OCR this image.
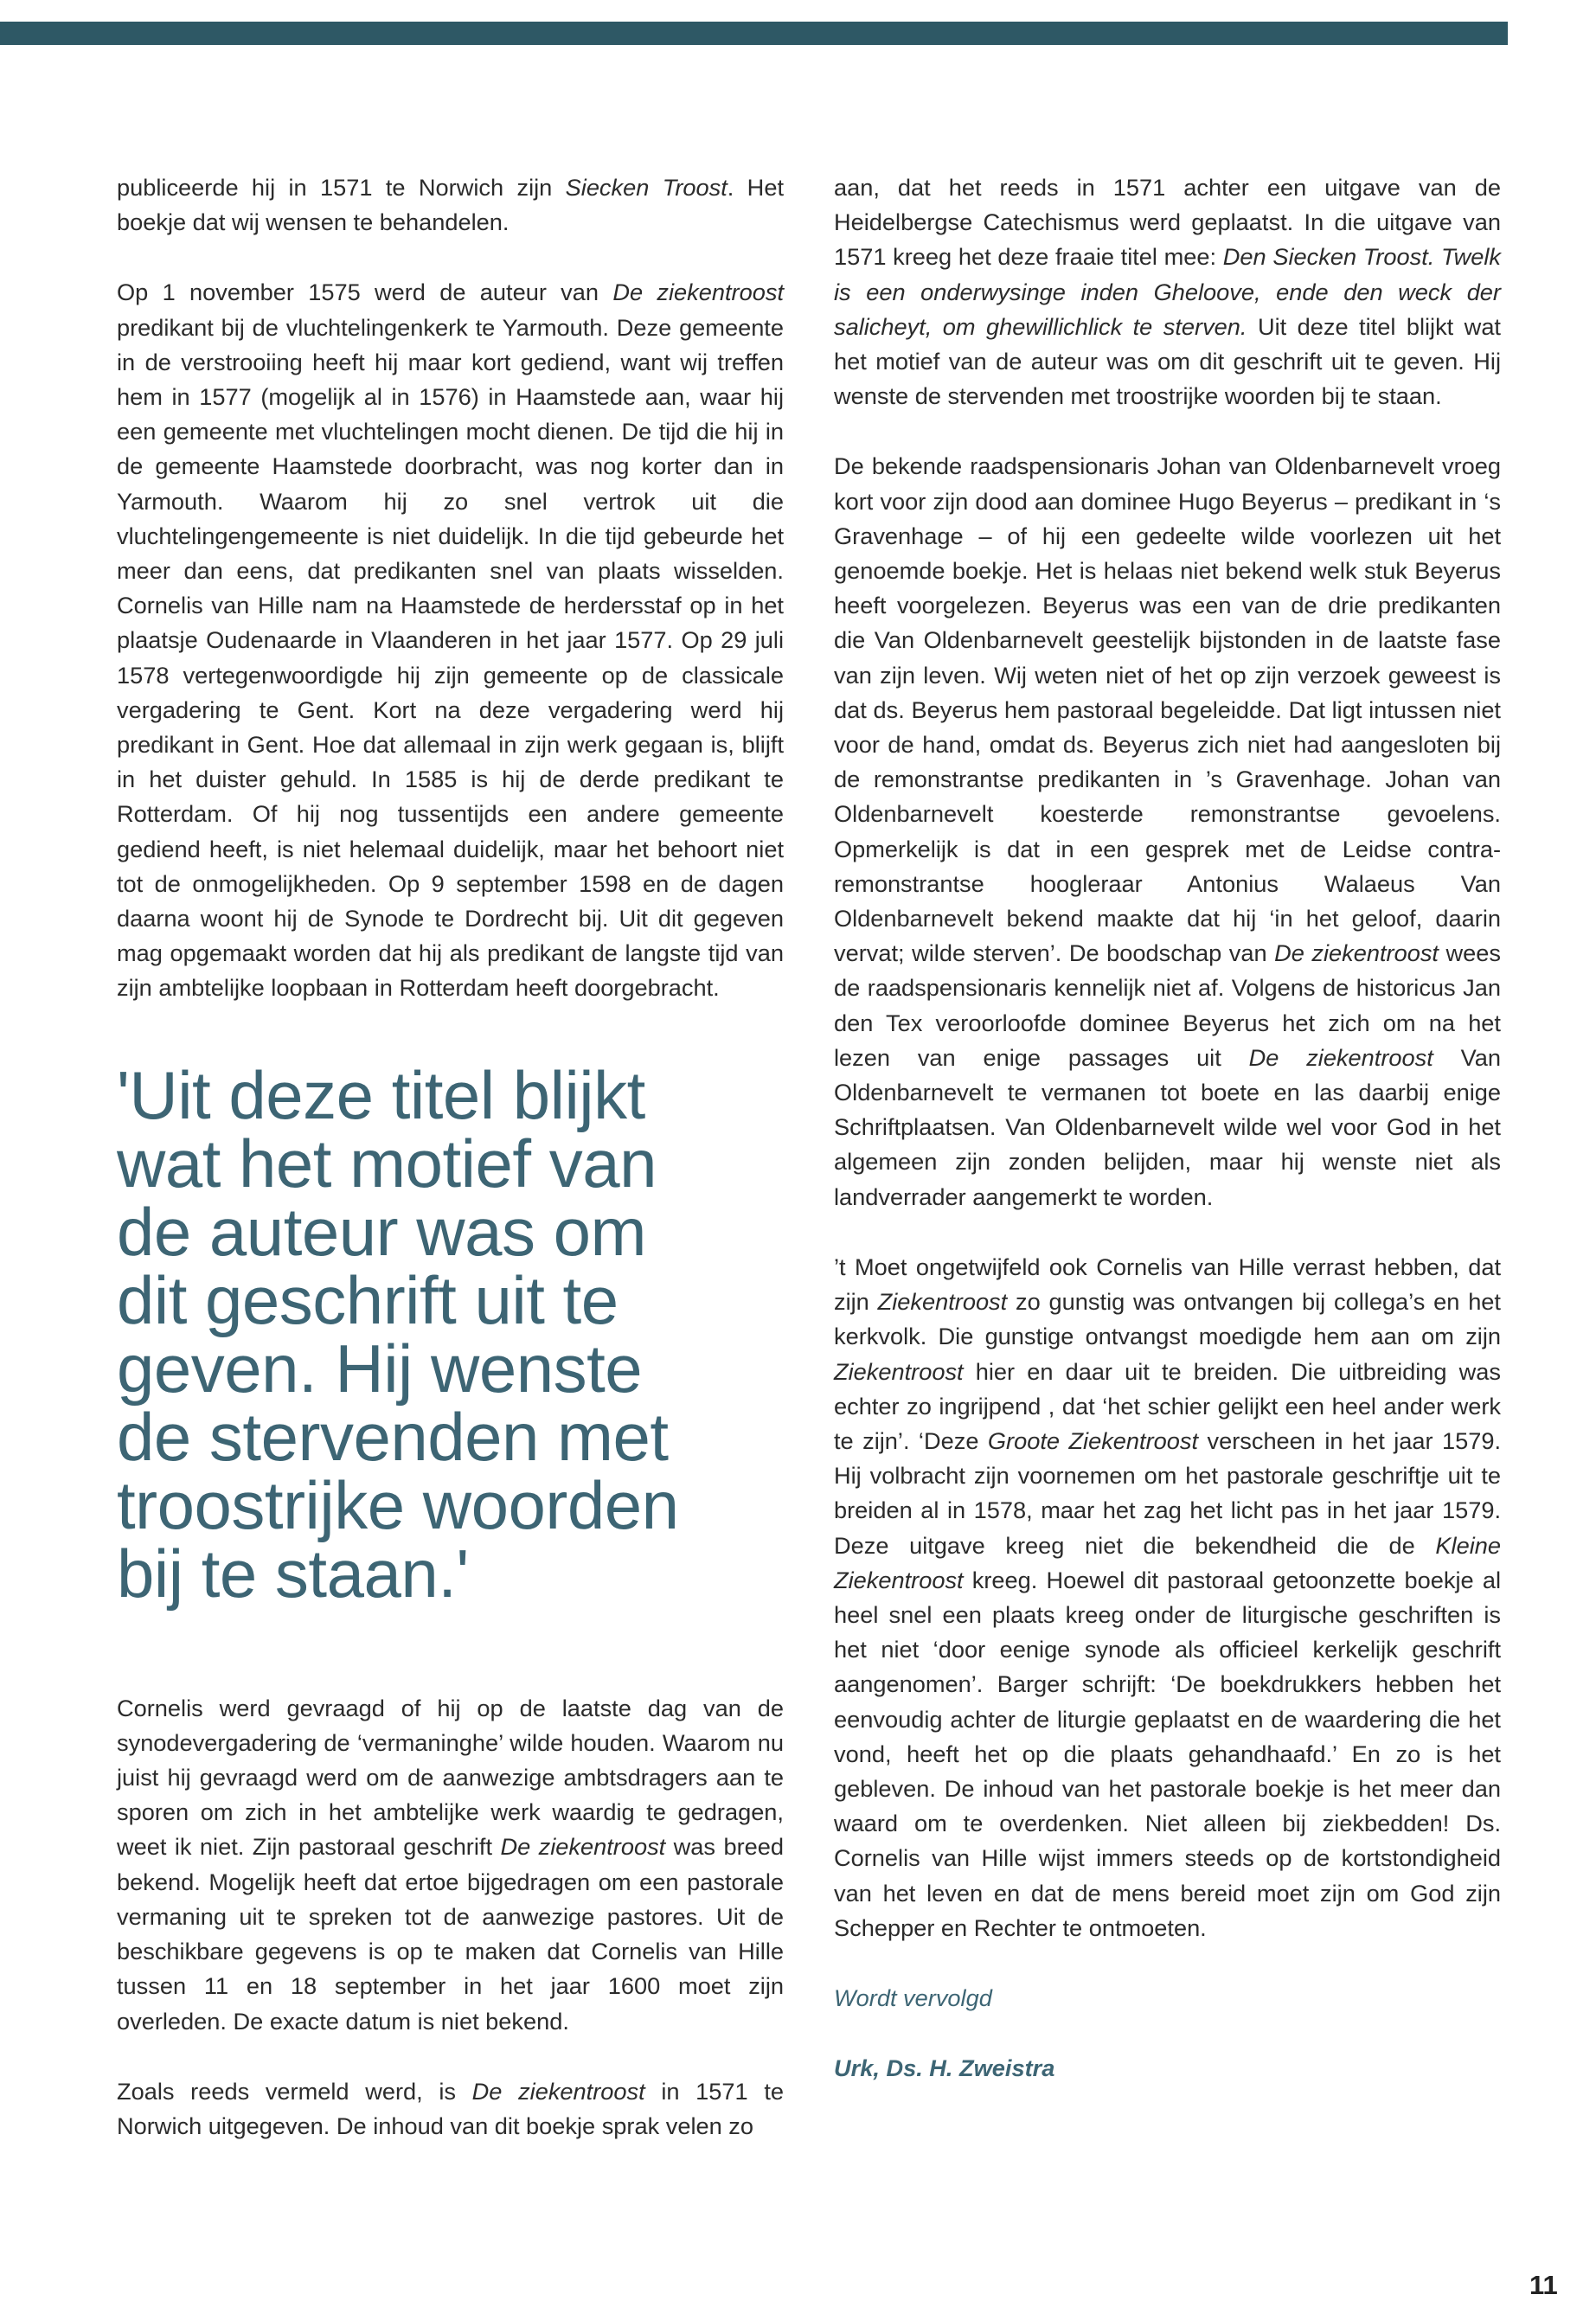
publiceerde hij in 1571 te Norwich zijn Siecken Troost. Het boekje dat wij wensen te behandelen.

Op 1 november 1575 werd de auteur van De ziekentroost predikant bij de vluchtelingenkerk te Yarmouth. Deze gemeente in de verstrooiing heeft hij maar kort gediend, want wij treffen hem in 1577 (mogelijk al in 1576) in Haamstede aan, waar hij een gemeente met vluchtelingen mocht dienen. De tijd die hij in de gemeente Haamstede doorbracht, was nog korter dan in Yarmouth. Waarom hij zo snel vertrok uit die vluchtelingengemeente is niet duidelijk. In die tijd gebeurde het meer dan eens, dat predikanten snel van plaats wisselden. Cornelis van Hille nam na Haamstede de herdersstaf op in het plaatsje Oudenaarde in Vlaanderen in het jaar 1577. Op 29 juli 1578 vertegenwoordigde hij zijn gemeente op de classicale vergadering te Gent. Kort na deze vergadering werd hij predikant in Gent. Hoe dat allemaal in zijn werk gegaan is, blijft in het duister gehuld. In 1585 is hij de derde predikant te Rotterdam. Of hij nog tussentijds een andere gemeente gediend heeft, is niet helemaal duidelijk, maar het behoort niet tot de onmogelijkheden. Op 9 september 1598 en de dagen daarna woont hij de Synode te Dordrecht bij. Uit dit gegeven mag opgemaakt worden dat hij als predikant de langste tijd van zijn ambtelijke loopbaan in Rotterdam heeft doorgebracht.

'Uit deze titel blijkt
wat het motief van
de auteur was om
dit geschrift uit te
geven. Hij wenste
de stervenden met
troostrijke woorden
bij te staan.'

Cornelis werd gevraagd of hij op de laatste dag van de synodevergadering de ‘vermaninghe’ wilde houden. Waarom nu juist hij gevraagd werd om de aanwezige ambtsdragers aan te sporen om zich in het ambtelijke werk waardig te gedragen, weet ik niet. Zijn pastoraal geschrift De ziekentroost was breed bekend. Mogelijk heeft dat ertoe bijgedragen om een pastorale vermaning uit te spreken tot de aanwezige pastores. Uit de beschikbare gegevens is op te maken dat Cornelis van Hille tussen 11 en 18 september in het jaar 1600 moet zijn overleden. De exacte datum is niet bekend.

Zoals reeds vermeld werd, is De ziekentroost in 1571 te Norwich uitgegeven. De inhoud van dit boekje sprak velen zo

aan, dat het reeds in 1571 achter een uitgave van de Heidelbergse Catechismus werd geplaatst. In die uitgave van 1571 kreeg het deze fraaie titel mee: Den Siecken Troost. Twelk is een onderwysinge inden Gheloove, ende den weck der salicheyt, om ghewillichlick te sterven. Uit deze titel blijkt wat het motief van de auteur was om dit geschrift uit te geven. Hij wenste de stervenden met troostrijke woorden bij te staan.

De bekende raadspensionaris Johan van Oldenbarnevelt vroeg kort voor zijn dood aan dominee Hugo Beyerus – predikant in ‘s Gravenhage – of hij een gedeelte wilde voorlezen uit het genoemde boekje. Het is helaas niet bekend welk stuk Beyerus heeft voorgelezen. Beyerus was een van de drie predikanten die Van Oldenbarnevelt geestelijk bijstonden in de laatste fase van zijn leven. Wij weten niet of het op zijn verzoek geweest is dat ds. Beyerus hem pastoraal begeleidde. Dat ligt intussen niet voor de hand, omdat ds. Beyerus zich niet had aangesloten bij de remonstrantse predikanten in ’s Gravenhage. Johan van Oldenbarnevelt koesterde remonstrantse gevoelens. Opmerkelijk is dat in een gesprek met de Leidse contra-remonstrantse hoogleraar Antonius Walaeus Van Oldenbarnevelt bekend maakte dat hij ‘in het geloof, daarin vervat; wilde sterven’. De boodschap van De ziekentroost wees de raadspensionaris kennelijk niet af. Volgens de historicus Jan den Tex veroorloofde dominee Beyerus het zich om na het lezen van enige passages uit De ziekentroost Van Oldenbarnevelt te vermanen tot boete en las daarbij enige Schriftplaatsen. Van Oldenbarnevelt wilde wel voor God in het algemeen zijn zonden belijden, maar hij wenste niet als landverrader aangemerkt te worden.

’t Moet ongetwijfeld ook Cornelis van Hille verrast hebben, dat zijn Ziekentroost zo gunstig was ontvangen bij collega’s en het kerkvolk. Die gunstige ontvangst moedigde hem aan om zijn Ziekentroost hier en daar uit te breiden. Die uitbreiding was echter zo ingrijpend , dat ‘het schier gelijkt een heel ander werk te zijn’. ‘Deze Groote Ziekentroost verscheen in het jaar 1579. Hij volbracht zijn voornemen om het pastorale geschriftje uit te breiden al in 1578, maar het zag het licht pas in het jaar 1579. Deze uitgave kreeg niet die bekendheid die de Kleine Ziekentroost kreeg. Hoewel dit pastoraal getoonzette boekje al heel snel een plaats kreeg onder de liturgische geschriften is het niet ‘door eenige synode als officieel kerkelijk geschrift aangenomen’. Barger schrijft: ‘De boekdrukkers hebben het eenvoudig achter de liturgie geplaatst en de waardering die het vond, heeft het op die plaats gehandhaafd.’ En zo is het gebleven. De inhoud van het pastorale boekje is het meer dan waard om te overdenken. Niet alleen bij ziekbedden! Ds. Cornelis van Hille wijst immers steeds op de kortstondigheid van het leven en dat de mens bereid moet zijn om God zijn Schepper en Rechter te ontmoeten.

Wordt vervolgd

Urk, Ds. H. Zweistra

11
